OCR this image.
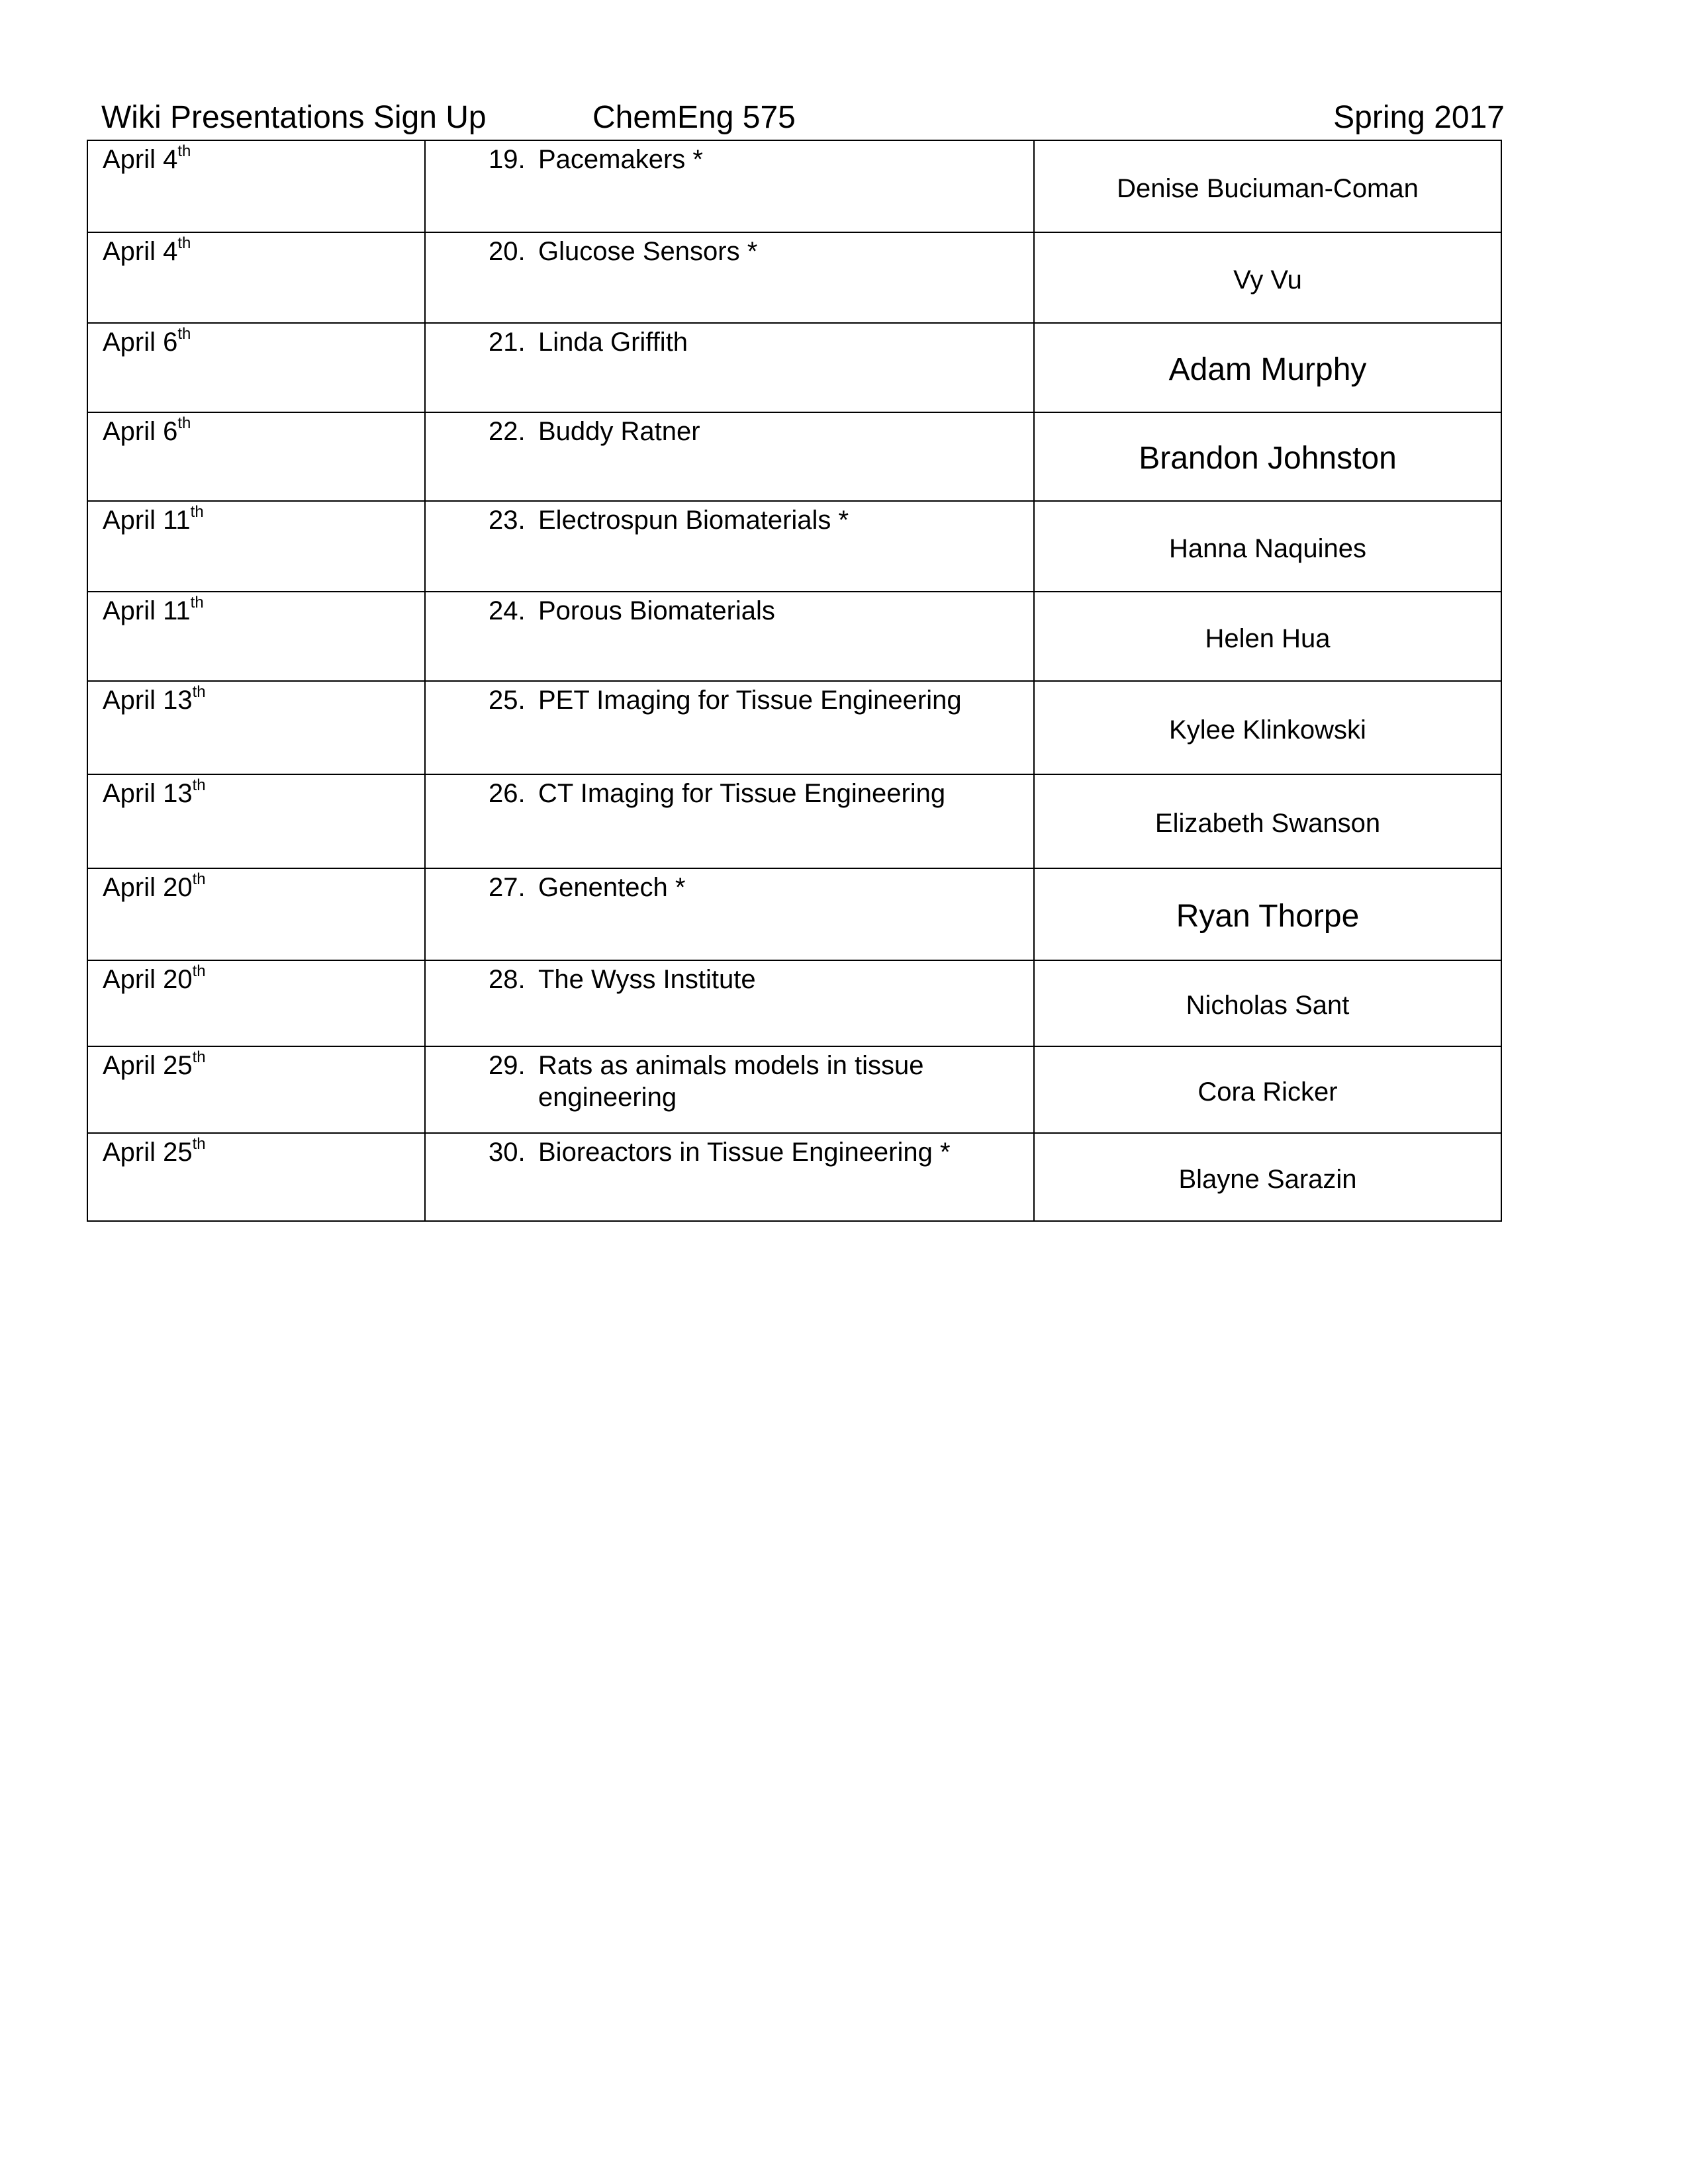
Wiki Presentations Sign Up	ChemEng 575	Spring 2017
April 4th	19. Pacemakers *	Denise Buciuman-Coman
April 4th	20. Glucose Sensors *	Vy Vu
April 6th	21. Linda Griffith	Adam Murphy
April 6th	22. Buddy Ratner	Brandon Johnston
April 11th	23. Electrospun Biomaterials *	Hanna Naquines
April 11th	24. Porous Biomaterials	Helen Hua
April 13th	25. PET Imaging for Tissue Engineering	Kylee Klinkowski
April 13th	26. CT Imaging for Tissue Engineering	Elizabeth Swanson
April 20th	27. Genentech *	Ryan Thorpe
April 20th	28. The Wyss Institute	Nicholas Sant
April 25th	29. Rats as animals models in tissue engineering	Cora Ricker
April 25th	30. Bioreactors in Tissue Engineering *	Blayne Sarazin
